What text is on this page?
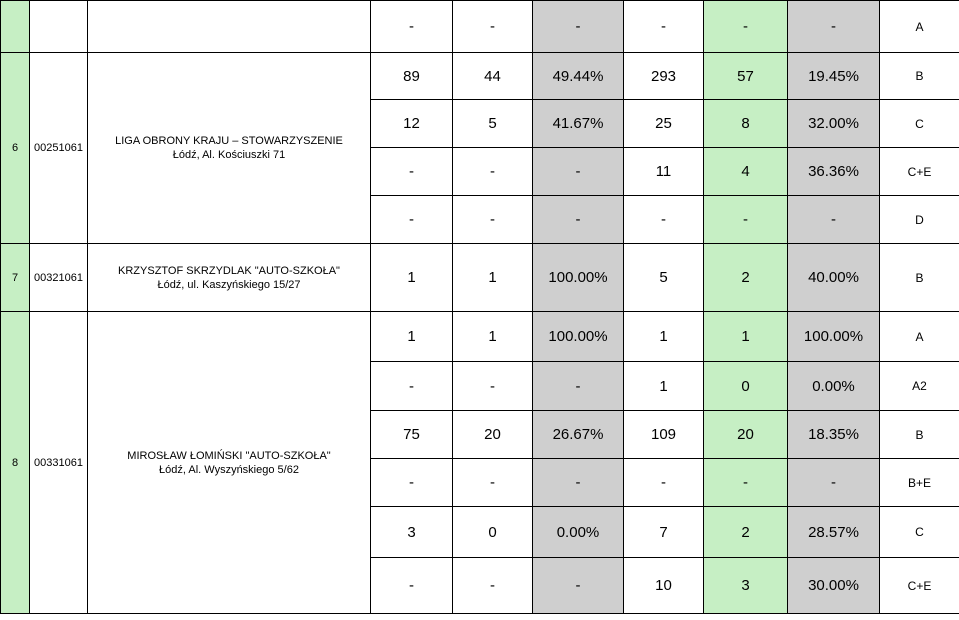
			-	-	-	-	-	-	A
6	00251061	LIGA OBRONY KRAJU – STOWARZYSZENIE
Łódź, Al. Kościuszki 71	89	44	49.44%	293	57	19.45%	B
			12	5	41.67%	25	8	32.00%	C
			-	-	-	11	4	36.36%	C+E
			-	-	-	-	-	-	D
7	00321061	KRZYSZTOF SKRZYDLAK "AUTO-SZKOŁA"
Łódź, ul. Kaszyńskiego 15/27	1	1	100.00%	5	2	40.00%	B
8	00331061	MIROSŁAW ŁOMIŃSKI "AUTO-SZKOŁA"
Łódź, Al. Wyszyńskiego 5/62	1	1	100.00%	1	1	100.00%	A
			-	-	-	1	0	0.00%	A2
			75	20	26.67%	109	20	18.35%	B
			-	-	-	-	-	-	B+E
			3	0	0.00%	7	2	28.57%	C
			-	-	-	10	3	30.00%	C+E
